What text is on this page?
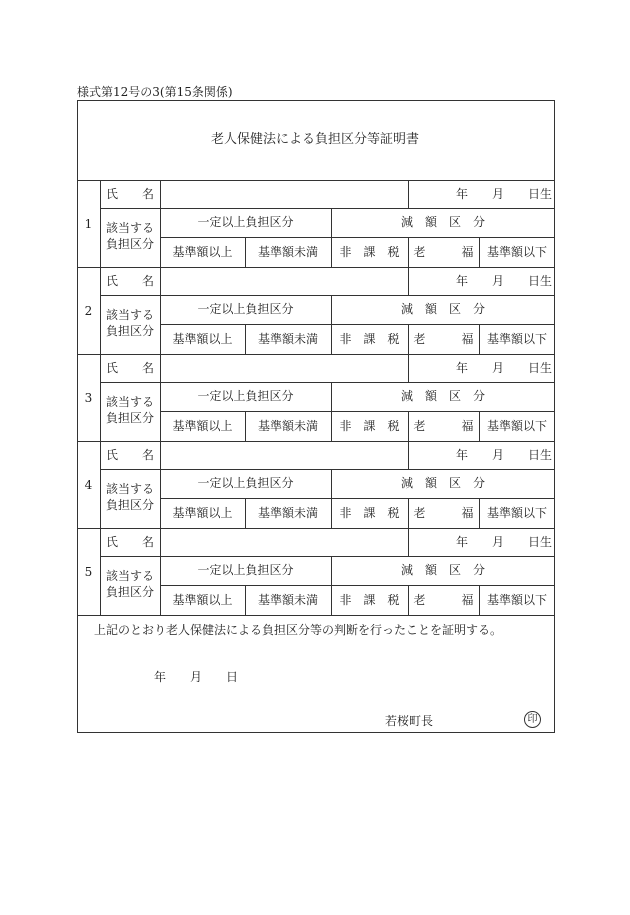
様式第12号の3(第15条関係)
老人保健法による負担区分等証明書
1
氏　　名	年　　月　　日生
該当する
負担区分
一定以上負担区分	減　額　区　分
基準額以上	基準額未満	非　課　税	老　　　福	基準額以下
2
氏　　名	年　　月　　日生
該当する
負担区分
一定以上負担区分	減　額　区　分
基準額以上	基準額未満	非　課　税	老　　　福	基準額以下
3
氏　　名	年　　月　　日生
該当する
負担区分
一定以上負担区分	減　額　区　分
基準額以上	基準額未満	非　課　税	老　　　福	基準額以下
4
氏　　名	年　　月　　日生
該当する
負担区分
一定以上負担区分	減　額　区　分
基準額以上	基準額未満	非　課　税	老　　　福	基準額以下
5
氏　　名	年　　月　　日生
該当する
負担区分
一定以上負担区分	減　額　区　分
基準額以上	基準額未満	非　課　税	老　　　福	基準額以下
上記のとおり老人保健法による負担区分等の判断を行ったことを証明する。
年 月 日
若桜町長	印
